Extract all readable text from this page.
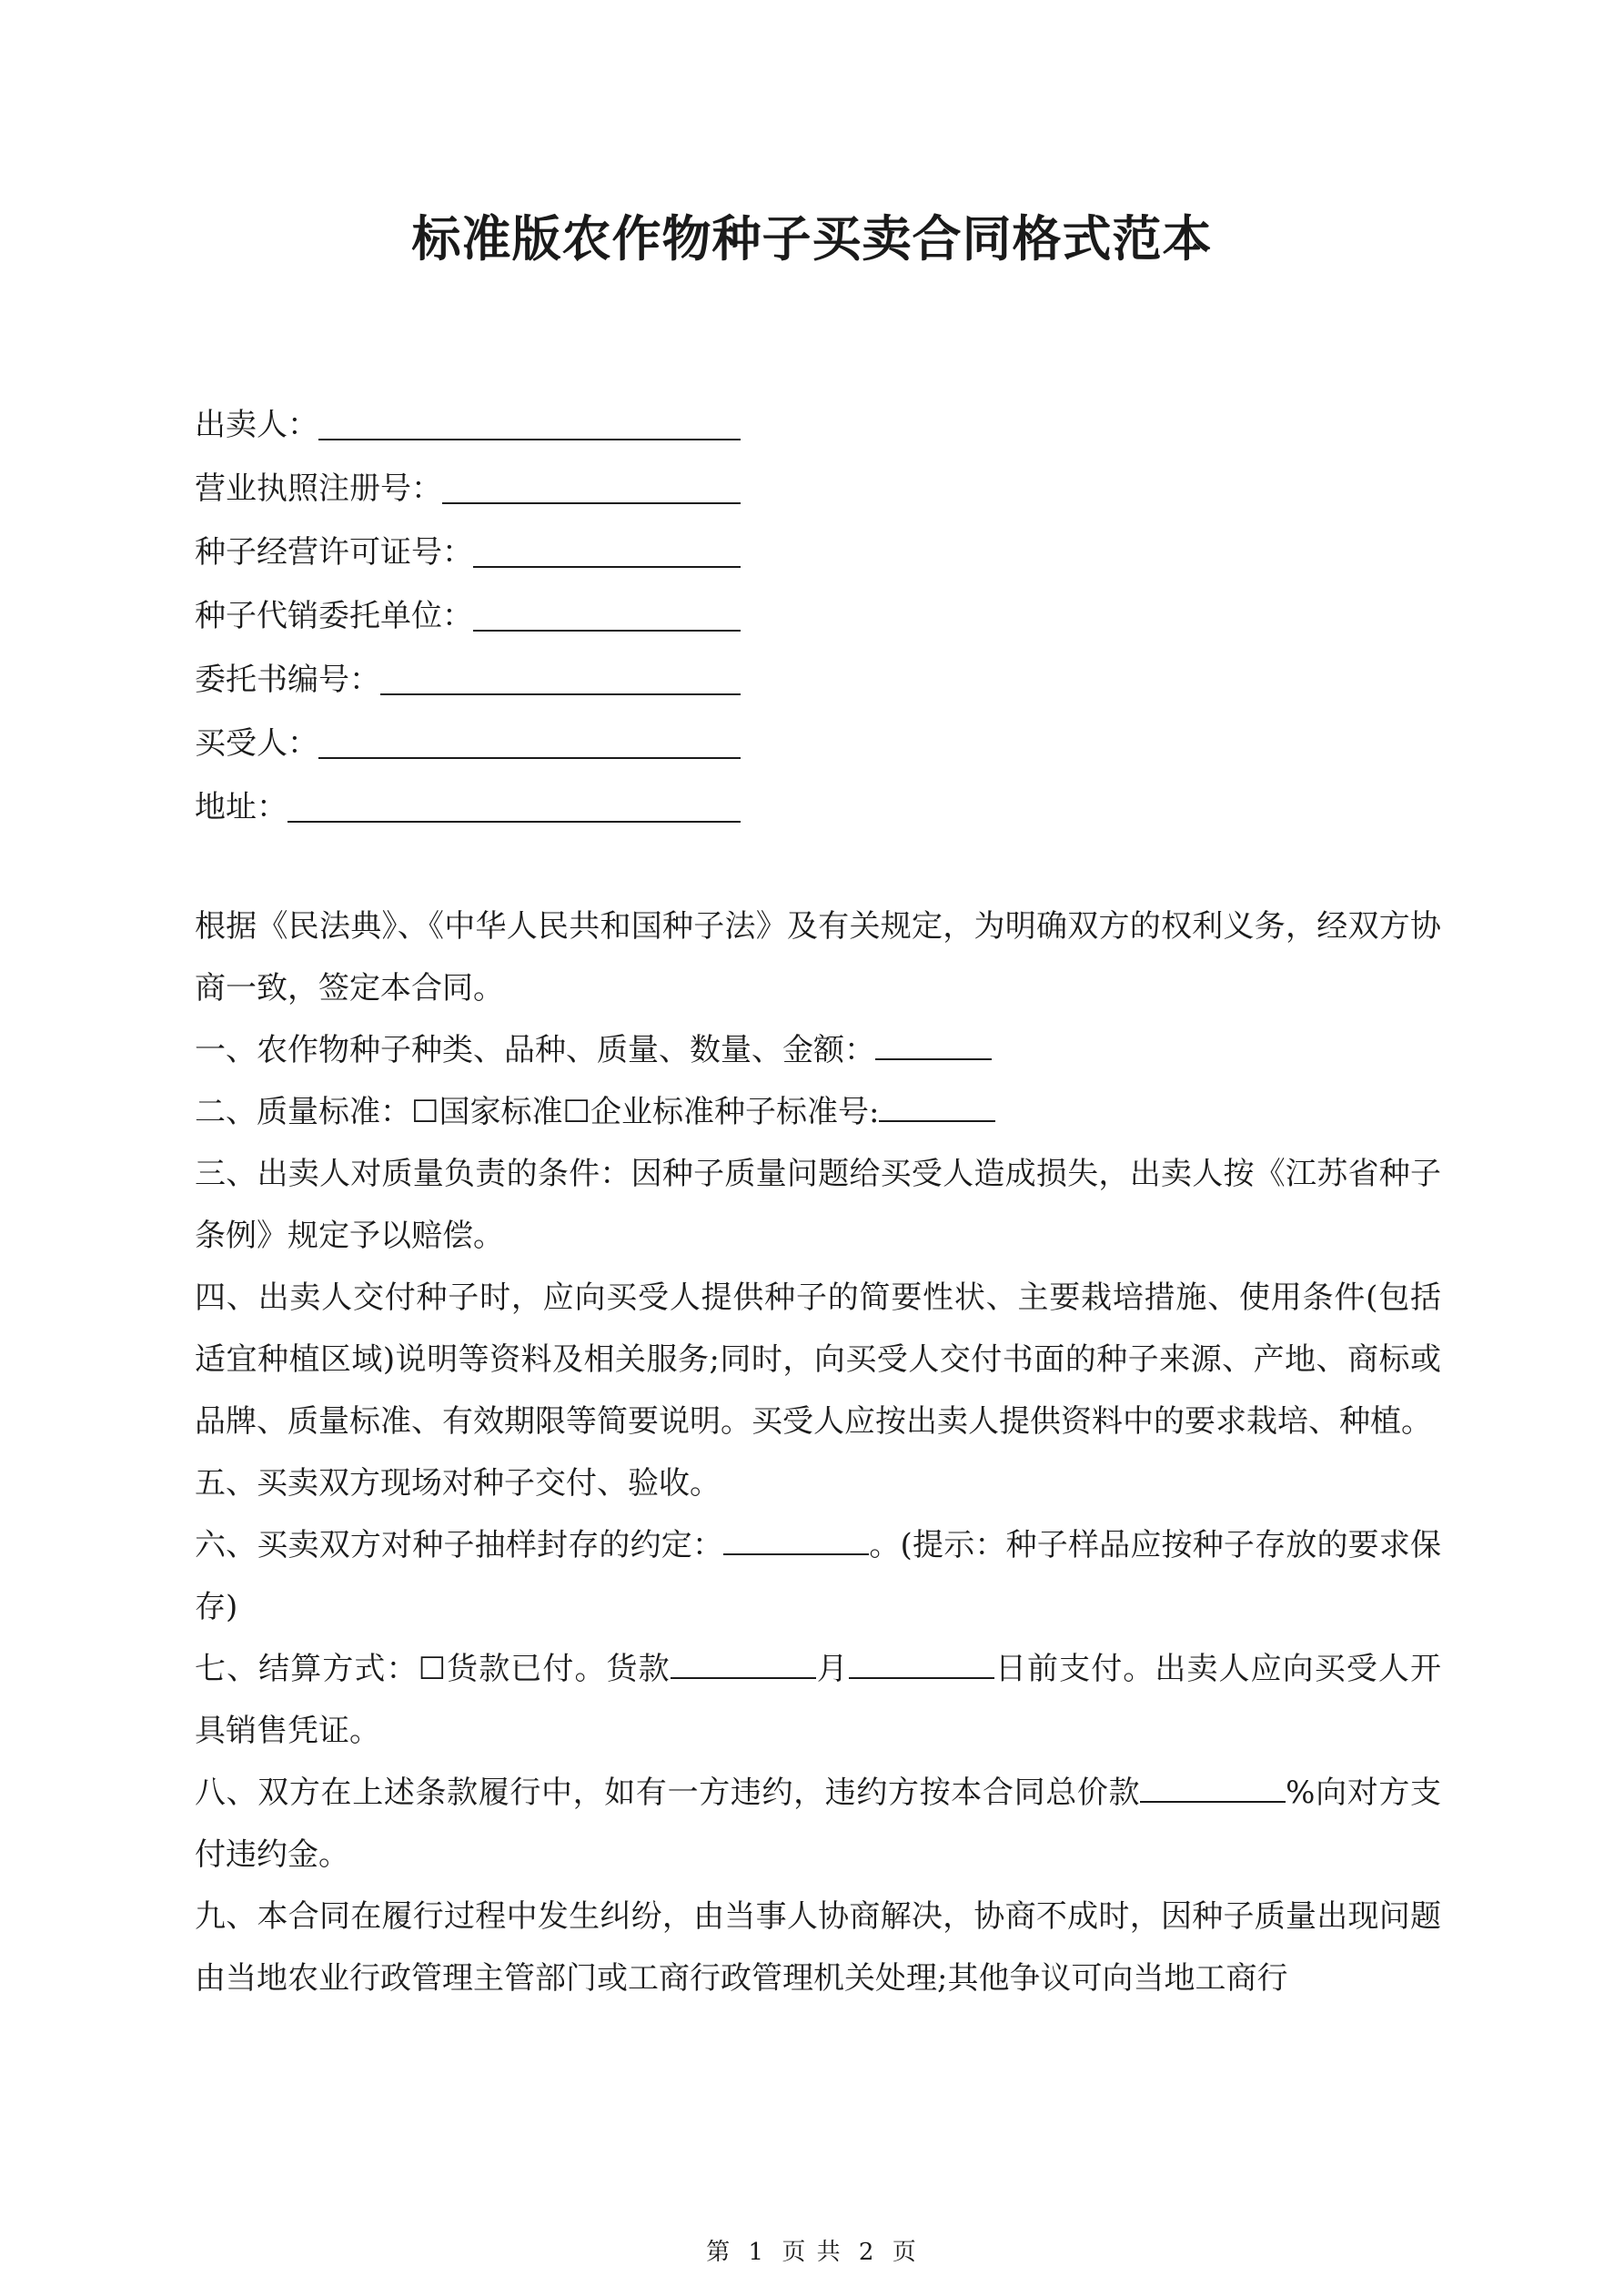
标准版农作物种子买卖合同格式范本
出卖人：
营业执照注册号：
种子经营许可证号：
种子代销委托单位：
委托书编号：
买受人：
地址：

根据《民法典》、《中华人民共和国种子法》及有关规定，为明确双方的权利义务，经双方协商一致，签定本合同。

一、农作物种子种类、品种、质量、数量、金额：

二、质量标准：☐国家标准☐企业标准种子标准号:

三、出卖人对质量负责的条件：因种子质量问题给买受人造成损失，出卖人按《江苏省种子条例》规定予以赔偿。

四、出卖人交付种子时，应向买受人提供种子的简要性状、主要栽培措施、使用条件(包括适宜种植区域)说明等资料及相关服务;同时，向买受人交付书面的种子来源、产地、商标或品牌、质量标准、有效期限等简要说明。买受人应按出卖人提供资料中的要求栽培、种植。

五、买卖双方现场对种子交付、验收。

六、买卖双方对种子抽样封存的约定：	。(提示：种子样品应按种子存放的要求保存)

七、结算方式：☐货款已付。货款	月	日前支付。出卖人应向买受人开具销售凭证。

八、双方在上述条款履行中，如有一方违约，违约方按本合同总价款	%向对方支付违约金。

九、本合同在履行过程中发生纠纷，由当事人协商解决，协商不成时，因种子质量出现问题由当地农业行政管理主管部门或工商行政管理机关处理;其他争议可向当地工商行

第 1 页 共 2 页
